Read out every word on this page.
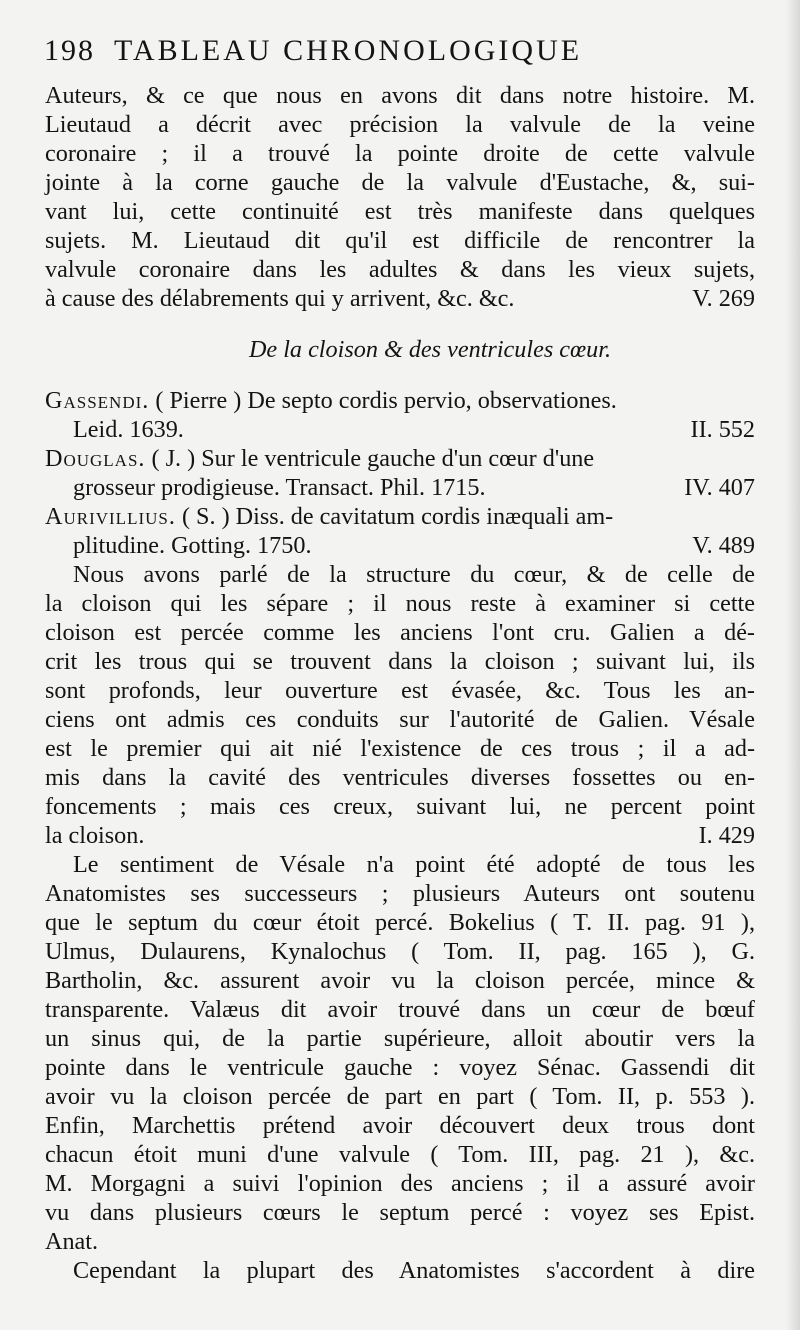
198 TABLEAU CHRONOLOGIQUE
Auteurs, & ce que nous en avons dit dans notre histoire. M.
Lieutaud a décrit avec précision la valvule de la veine
coronaire ; il a trouvé la pointe droite de cette valvule
jointe à la corne gauche de la valvule d'Eustache, &, sui-
vant lui, cette continuité est très manifeste dans quelques
sujets. M. Lieutaud dit qu'il est difficile de rencontrer la
valvule coronaire dans les adultes & dans les vieux sujets,
à cause des délabrements qui y arrivent, &c. &c.	V. 269
De la cloison & des ventricules cœur.
Gassendi. ( Pierre ) De septo cordis pervio, observationes.
Leid. 1639.	II. 552
Douglas. ( J. ) Sur le ventricule gauche d'un cœur d'une
grosseur prodigieuse. Transact. Phil. 1715.	IV. 407
Aurivillius. ( S. ) Diss. de cavitatum cordis inæquali am-
plitudine. Gotting. 1750.	V. 489
Nous avons parlé de la structure du cœur, & de celle de
la cloison qui les sépare ; il nous reste à examiner si cette
cloison est percée comme les anciens l'ont cru. Galien a dé-
crit les trous qui se trouvent dans la cloison ; suivant lui, ils
sont profonds, leur ouverture est évasée, &c. Tous les an-
ciens ont admis ces conduits sur l'autorité de Galien. Vésale
est le premier qui ait nié l'existence de ces trous ; il a ad-
mis dans la cavité des ventricules diverses fossettes ou en-
foncements ; mais ces creux, suivant lui, ne percent point
la cloison.	I. 429
Le sentiment de Vésale n'a point été adopté de tous les
Anatomistes ses successeurs ; plusieurs Auteurs ont soutenu
que le septum du cœur étoit percé. Bokelius ( T. II. pag. 91 ),
Ulmus, Dulaurens, Kynalochus ( Tom. II, pag. 165 ), G.
Bartholin, &c. assurent avoir vu la cloison percée, mince &
transparente. Valæus dit avoir trouvé dans un cœur de bœuf
un sinus qui, de la partie supérieure, alloit aboutir vers la
pointe dans le ventricule gauche : voyez Sénac. Gassendi dit
avoir vu la cloison percée de part en part ( Tom. II, p. 553 ).
Enfin, Marchettis prétend avoir découvert deux trous dont
chacun étoit muni d'une valvule ( Tom. III, pag. 21 ), &c.
M. Morgagni a suivi l'opinion des anciens ; il a assuré avoir
vu dans plusieurs cœurs le septum percé : voyez ses Epist.
Anat.
Cependant la plupart des Anatomistes s'accordent à dire
